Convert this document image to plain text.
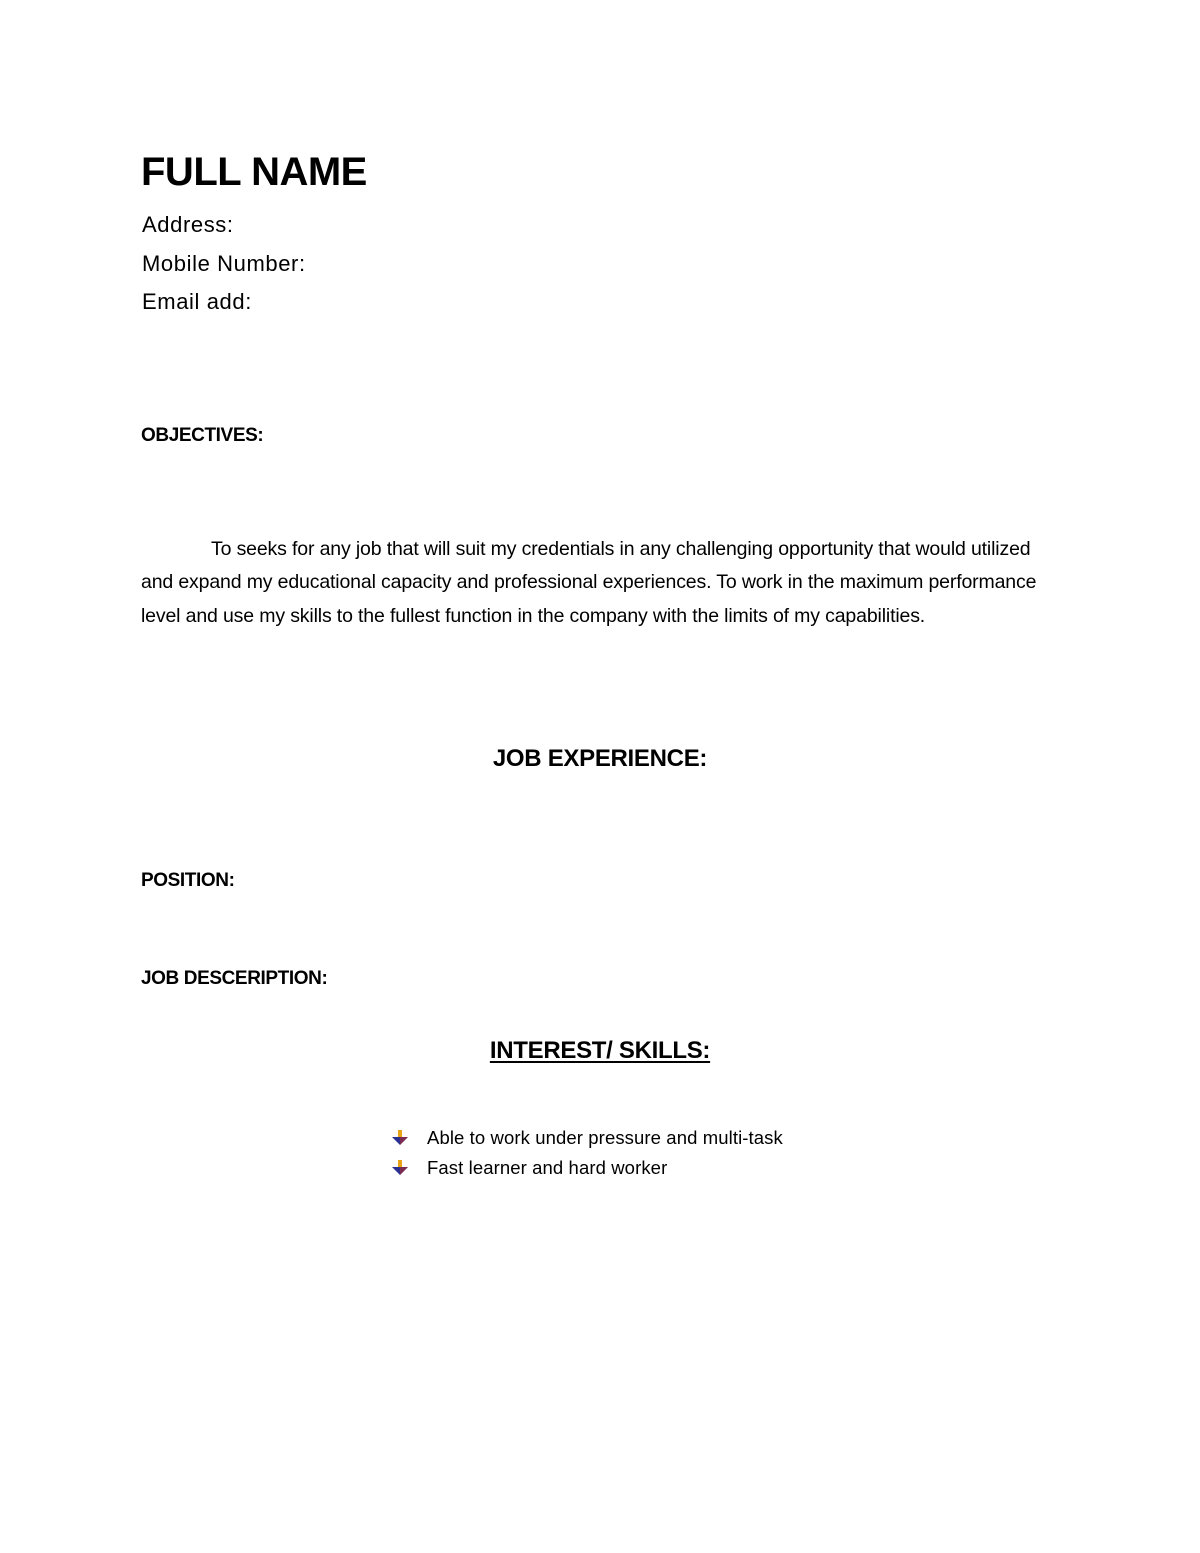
FULL NAME
Address:
Mobile Number:
Email add:
OBJECTIVES:

To seeks for any job that will suit my credentials in any challenging opportunity that would utilized and expand my educational capacity and professional experiences. To work in the maximum performance level and use my skills to the fullest function in the company with the limits of my capabilities.

JOB EXPERIENCE:
POSITION:
JOB DESCERIPTION:
INTEREST/ SKILLS:
Able to work under pressure and multi-task
Fast learner and hard worker
